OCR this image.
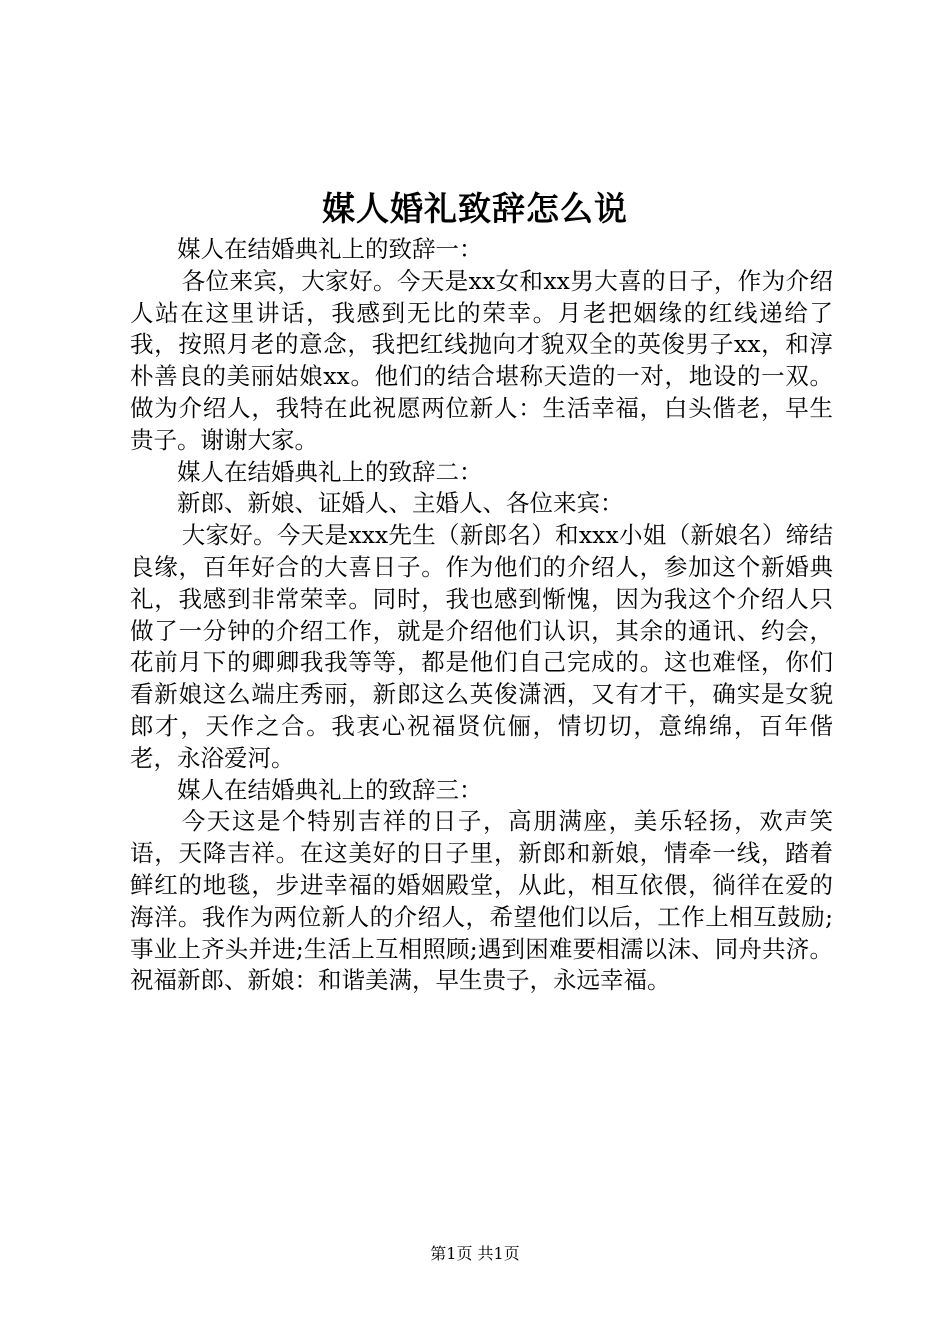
媒人婚礼致辞怎么说

媒人在结婚典礼上的致辞一：

各位来宾，大家好。今天是xx女和xx男大喜的日子，作为介绍人站在这里讲话，我感到无比的荣幸。月老把姻缘的红线递给了我，按照月老的意念，我把红线抛向才貌双全的英俊男子xx，和淳朴善良的美丽姑娘xx。他们的结合堪称天造的一对，地设的一双。做为介绍人，我特在此祝愿两位新人：生活幸福，白头偕老，早生贵子。谢谢大家。

媒人在结婚典礼上的致辞二：

新郎、新娘、证婚人、主婚人、各位来宾：

大家好。今天是xxx先生（新郎名）和xxx小姐（新娘名）缔结良缘，百年好合的大喜日子。作为他们的介绍人，参加这个新婚典礼，我感到非常荣幸。同时，我也感到惭愧，因为我这个介绍人只做了一分钟的介绍工作，就是介绍他们认识，其余的通讯、约会，花前月下的卿卿我我等等，都是他们自己完成的。这也难怪，你们看新娘这么端庄秀丽，新郎这么英俊潇洒，又有才干，确实是女貌郎才，天作之合。我衷心祝福贤伉俪，情切切，意绵绵，百年偕老，永浴爱河。

媒人在结婚典礼上的致辞三：

今天这是个特别吉祥的日子，高朋满座，美乐轻扬，欢声笑语，天降吉祥。在这美好的日子里，新郎和新娘，情牵一线，踏着鲜红的地毯，步进幸福的婚姻殿堂，从此，相互依偎，徜徉在爱的海洋。我作为两位新人的介绍人，希望他们以后，工作上相互鼓励;事业上齐头并进;生活上互相照顾;遇到困难要相濡以沫、同舟共济。祝福新郎、新娘：和谐美满，早生贵子，永远幸福。

第1页 共1页
